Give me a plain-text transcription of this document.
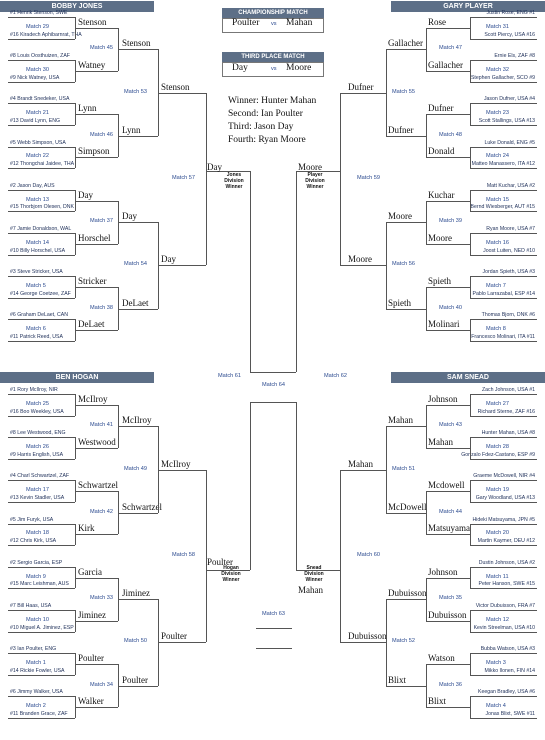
BOBBY JONES	GARY PLAYER
BEN HOGAN	SAM SNEAD
#1 Henrik Stenson, SWE
#16 Kiradech Aphibarnrat, THA
Match 29
Justin Rose, ENG #1
Scott Piercy, USA #16
Match 31
#8 Louis Oosthuizen, ZAF
#9 Nick Watney, USA
Match 30
Ernie Els, ZAF #8
Stephen Gallacher, SCO #9
Match 32
#4 Brandt Snedeker, USA
#13 David Lynn, ENG
Match 21
Jason Dufner, USA #4
Scott Stallings, USA #13
Match 23
#5 Webb Simpson, USA
#12 Thongchai Jaidee, THA
Match 22
Luke Donald, ENG #5
Matteo Manassero, ITA #12
Match 24
#2 Jason Day, AUS
#15 Thorbjorn Olesen, DNK
Match 13
Matt Kuchar, USA #2
Bernd Wiesberger, AUT #15
Match 15
#7 Jamie Donaldson, WAL
#10 Billy Horschel, USA
Match 14
Ryan Moore, USA #7
Joost Luiten, NED #10
Match 16
#3 Steve Stricker, USA
#14 George Coetzee, ZAF
Match 5
Jordan Spieth, USA #3
Pablo Larrazabal, ESP #14
Match 7
#6 Graham DeLaet, CAN
#11 Patrick Reed, USA
Match 6
Thomas Bjorn, DNK #6
Francesco Molinari, ITA #11
Match 8
#1 Rory McIlroy, NIR
#16 Boo Weekley, USA
Match 25
Zach Johnson, USA #1
Richard Sterne, ZAF #16
Match 27
#8 Lee Westwood, ENG
#9 Harris English, USA
Match 26
Hunter Mahan, USA #8
Gonzalo Fdez-Castano, ESP #9
Match 28
#4 Charl Schwartzel, ZAF
#13 Kevin Stadler, USA
Match 17
Graeme McDowell, NIR #4
Gary Woodland, USA #13
Match 19
#5 Jim Furyk, USA
#12 Chris Kirk, USA
Match 18
Hideki Matsuyama, JPN #5
Martin Kaymer, DEU #12
Match 20
#2 Sergio Garcia, ESP
#15 Marc Leishman, AUS
Match 9
Dustin Johnson, USA #2
Peter Hanson, SWE #15
Match 11
#7 Bill Haas, USA
#10 Miguel A. Jiminez, ESP
Match 10
Victor Dubuisson, FRA #7
Kevin Streelman, USA #10
Match 12
#3 Ian Poulter, ENG
#14 Rickie Fowler, USA
Match 1
Bubba Watson, USA #3
Mikko Ilonen, FIN #14
Match 3
#6 Jimmy Walker, USA
#11 Branden Grace, ZAF
Match 2
Keegan Bradley, USA #6
Jonas Blixt, SWE #11
Match 4
Stenson
Watney
Match 45
Rose
Gallacher
Match 47
Lynn
Simpson
Match 46
Dufner
Donald
Match 48
Day
Horschel
Match 37
Kuchar
Moore
Match 39
Stricker
DeLaet
Match 38
Spieth
Molinari
Match 40
McIlroy
Westwood
Match 41
Johnson
Mahan
Match 43
Schwartzel
Kirk
Match 42
Mcdowell
Matsuyama
Match 44
Garcia
Jiminez
Match 33
Johnson
Dubuisson
Match 35
Poulter
Walker
Match 34
Watson
Blixt
Match 36
Stenson
Lynn
Match 53
Gallacher
Dufner
Match 55
Day
DeLaet
Match 54
Moore
Spieth
Match 56
McIlroy
Schwartzel
Match 49
Mahan
McDowell
Match 51
Jiminez
Poulter
Match 50
Dubuisson
Blixt
Match 52
Stenson
Day
Match 57
Dufner
Moore
Match 59
McIlroy
Poulter
Match 58
Mahan
Dubuisson
Match 60
Day	Moore
Jones Division Winner
Player Division Winner
Poulter
Mahan
Hogan Division Winner
Snead Division Winner
Match 61
Match 64
Match 62
Match 63
CHAMPIONSHIP MATCH
Poulter vs Mahan
THIRD PLACE MATCH
Day	vs Moore
Winner: Hunter Mahan
Second: Ian Poulter
Third: Jason Day
Fourth: Ryan Moore
